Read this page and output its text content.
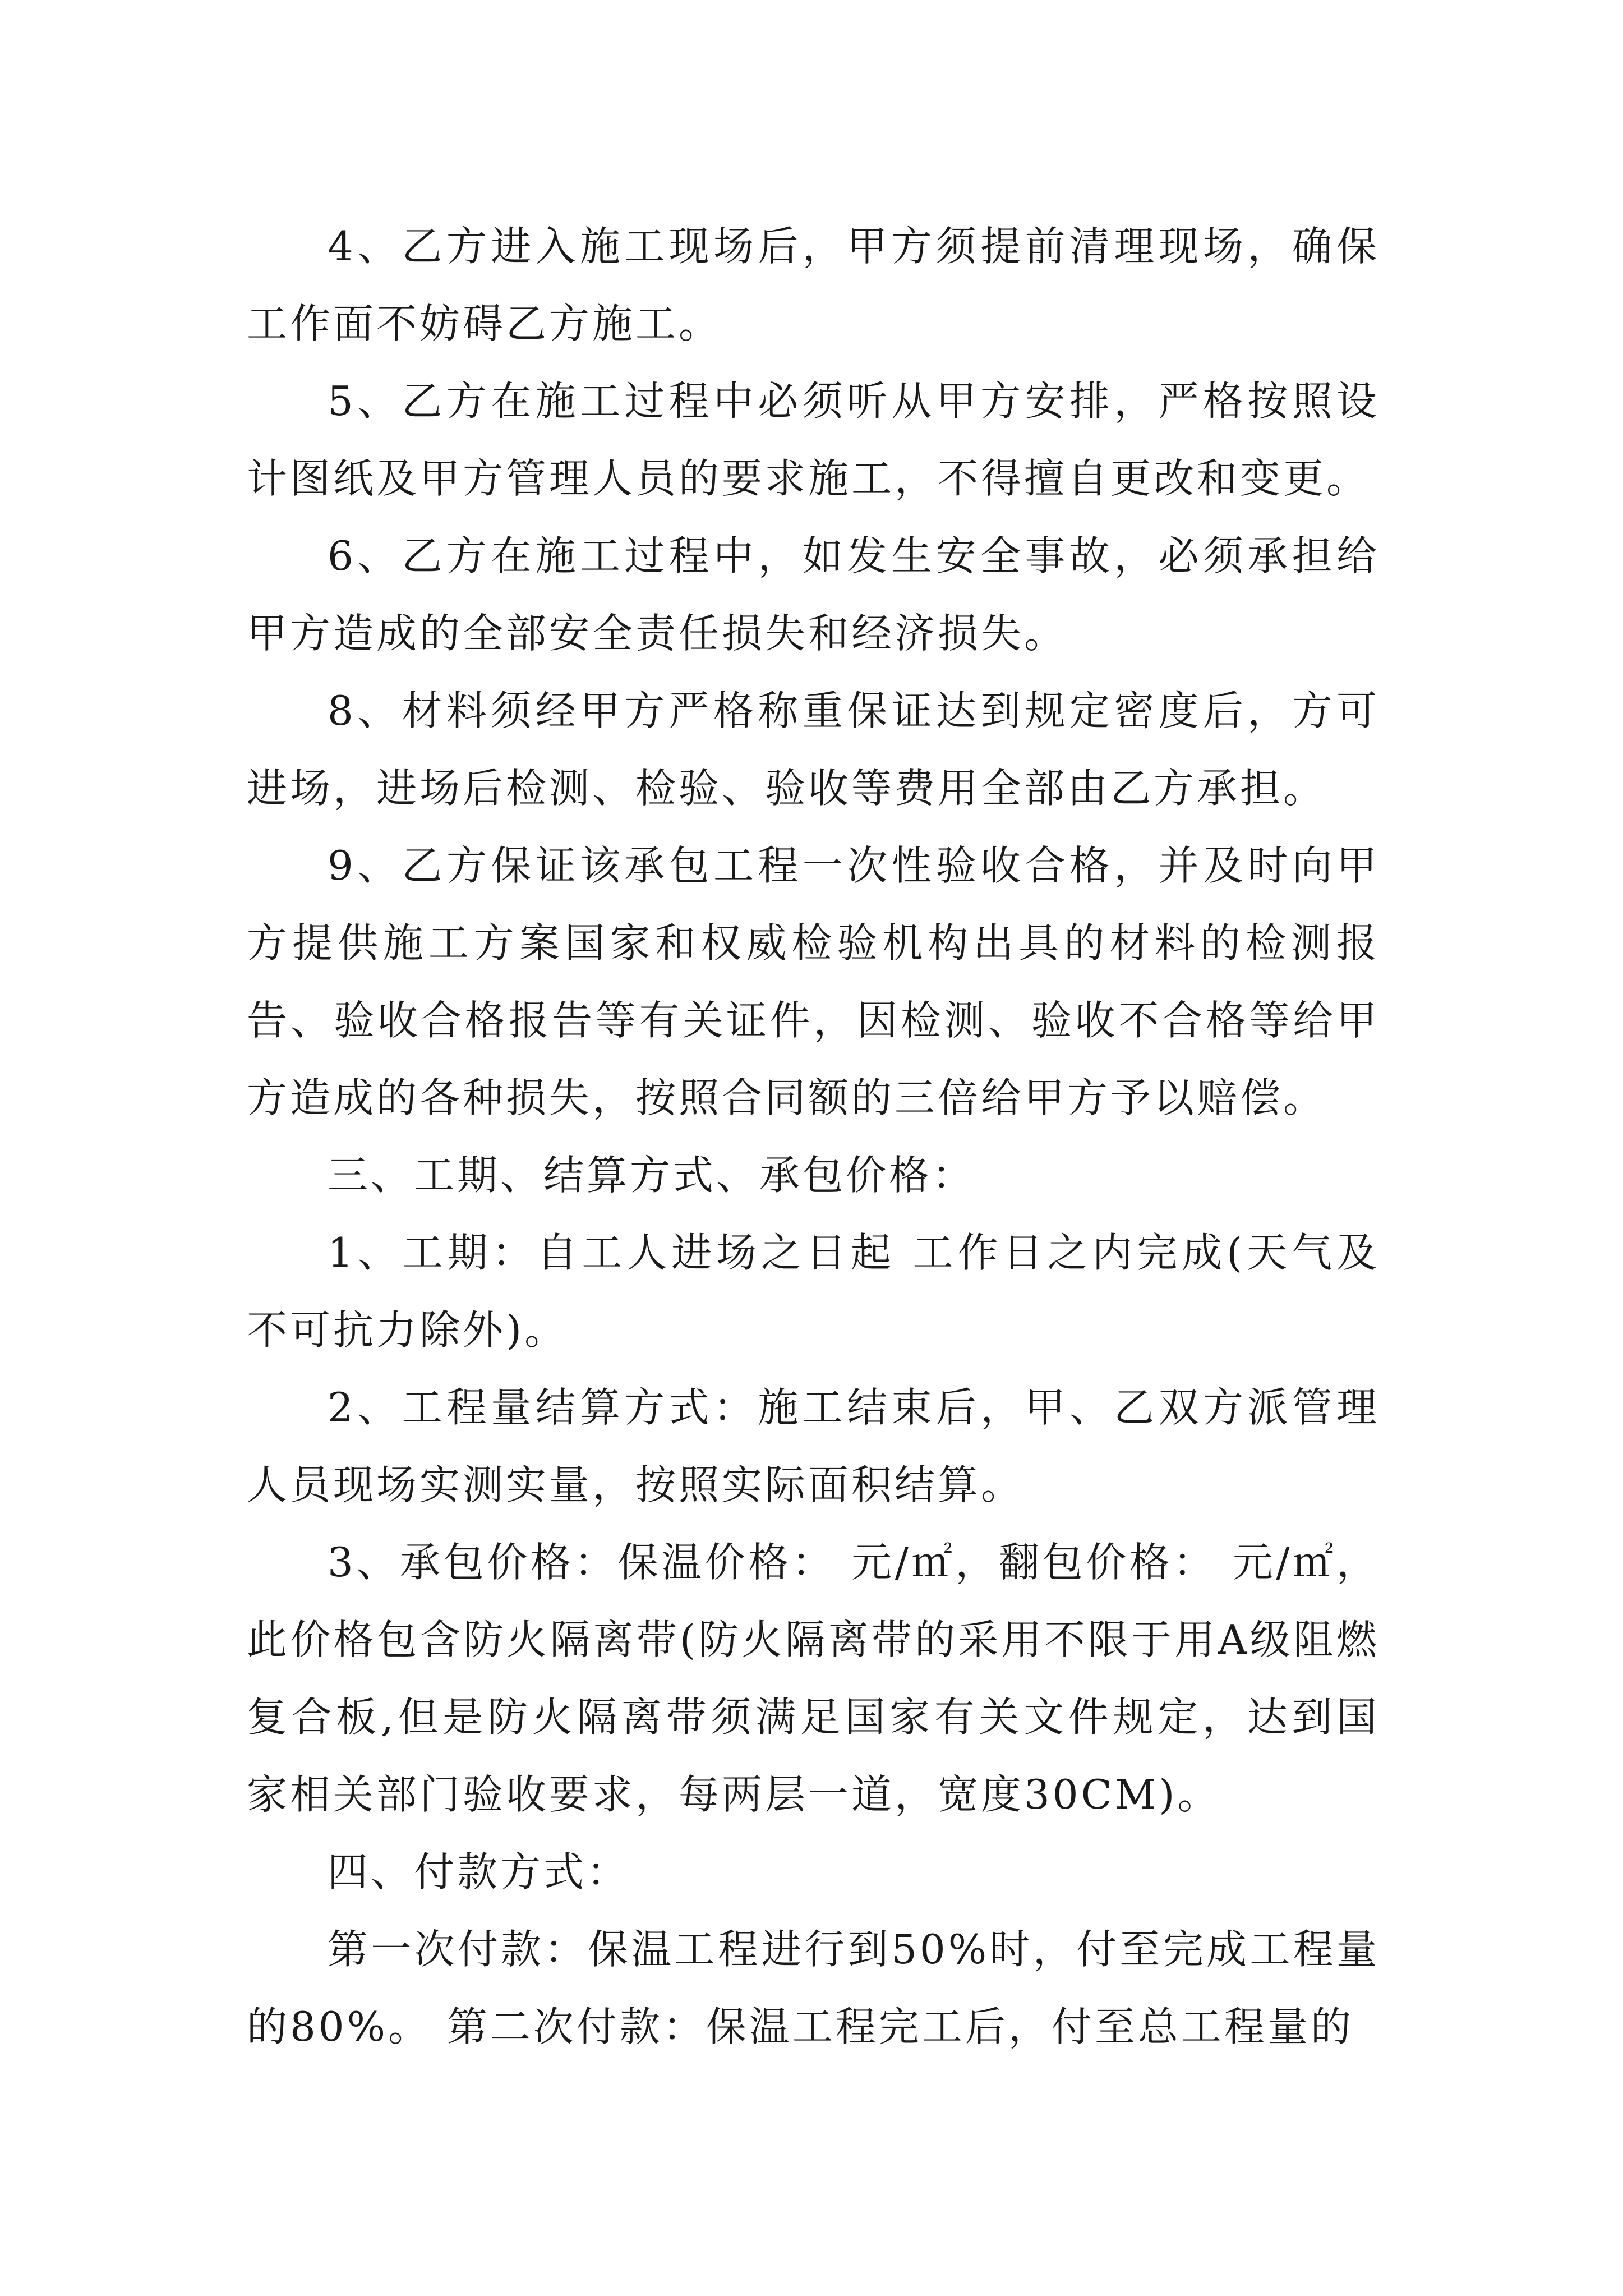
4、乙方进入施工现场后，甲方须提前清理现场，确保工作面不妨碍乙方施工。

5、乙方在施工过程中必须听从甲方安排，严格按照设计图纸及甲方管理人员的要求施工，不得擅自更改和变更。

6、乙方在施工过程中，如发生安全事故，必须承担给甲方造成的全部安全责任损失和经济损失。

8、材料须经甲方严格称重保证达到规定密度后，方可进场，进场后检测、检验、验收等费用全部由乙方承担。

9、乙方保证该承包工程一次性验收合格，并及时向甲方提供施工方案国家和权威检验机构出具的材料的检测报告、验收合格报告等有关证件，因检测、验收不合格等给甲方造成的各种损失，按照合同额的三倍给甲方予以赔偿。

三、工期、结算方式、承包价格：

1、工期：自工人进场之日起 工作日之内完成(天气及不可抗力除外)。

2、工程量结算方式：施工结束后，甲、乙双方派管理人员现场实测实量，按照实际面积结算。

3、承包价格：保温价格： 元/㎡，翻包价格： 元/㎡，此价格包含防火隔离带(防火隔离带的采用不限于用A级阻燃复合板,但是防火隔离带须满足国家有关文件规定，达到国家相关部门验收要求，每两层一道，宽度30CM)。

四、付款方式：

第一次付款：保温工程进行到50%时，付至完成工程量的80%。 第二次付款：保温工程完工后，付至总工程量的
